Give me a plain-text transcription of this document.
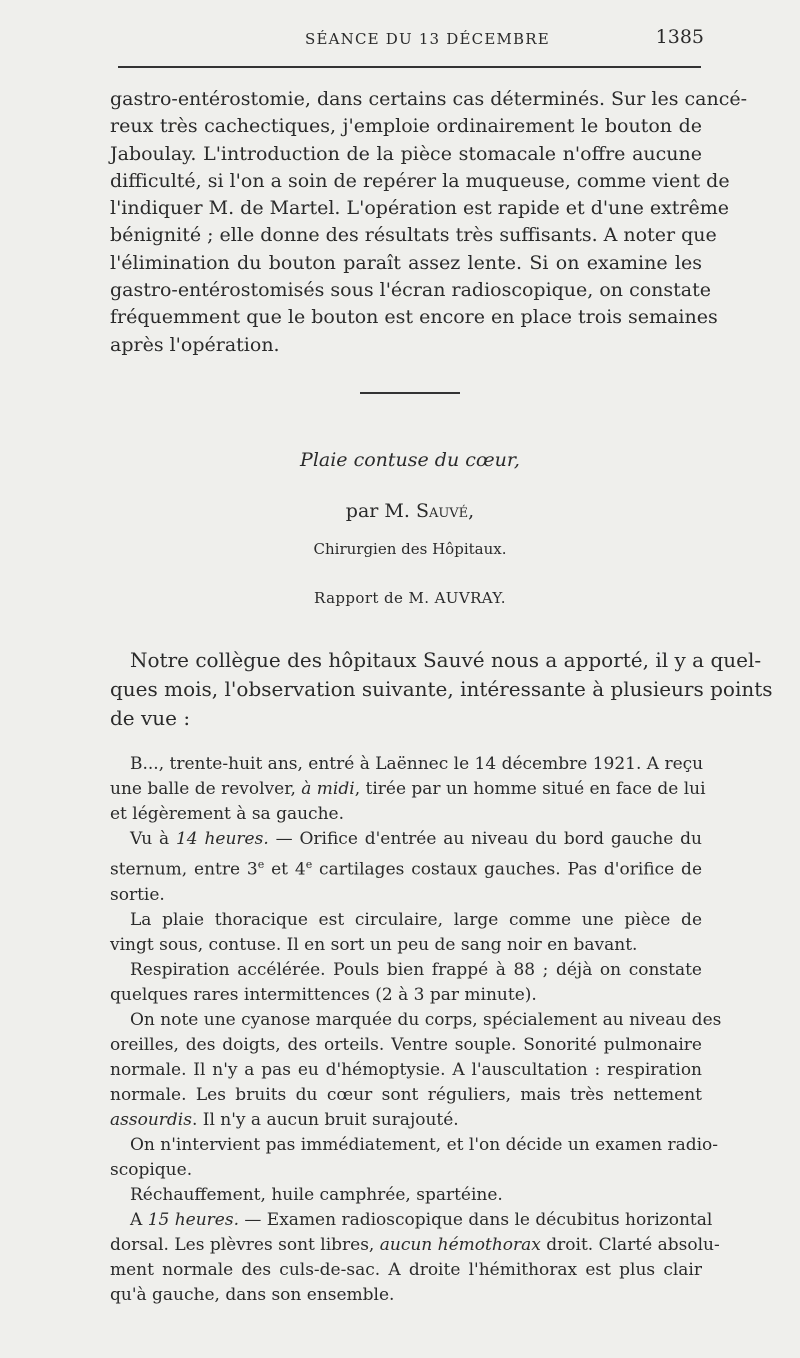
SÉANCE DU 13 DÉCEMBRE	1385
gastro-entérostomie, dans certains cas déterminés. Sur les cancé-
reux très cachectiques, j'emploie ordinairement le bouton de
Jaboulay. L'introduction de la pièce stomacale n'offre aucune
difficulté, si l'on a soin de repérer la muqueuse, comme vient de
l'indiquer M. de Martel. L'opération est rapide et d'une extrême
bénignité ; elle donne des résultats très suffisants. A noter que
l'élimination du bouton paraît assez lente. Si on examine les
gastro-entérostomisés sous l'écran radioscopique, on constate
fréquemment que le bouton est encore en place trois semaines
après l'opération.
Plaie contuse du cœur,
par M. Sauvé,
Chirurgien des Hôpitaux.
Rapport de M. AUVRAY.
Notre collègue des hôpitaux Sauvé nous a apporté, il y a quel-
ques mois, l'observation suivante, intéressante à plusieurs points
de vue :
B..., trente-huit ans, entré à Laënnec le 14 décembre 1921. A reçu
une balle de revolver, à midi, tirée par un homme situé en face de lui
et légèrement à sa gauche.
Vu à 14 heures. — Orifice d'entrée au niveau du bord gauche du
sternum, entre 3e et 4e cartilages costaux gauches. Pas d'orifice de
sortie.
La plaie thoracique est circulaire, large comme une pièce de
vingt sous, contuse. Il en sort un peu de sang noir en bavant.
Respiration accélérée. Pouls bien frappé à 88 ; déjà on constate
quelques rares intermittences (2 à 3 par minute).
On note une cyanose marquée du corps, spécialement au niveau des
oreilles, des doigts, des orteils. Ventre souple. Sonorité pulmonaire
normale. Il n'y a pas eu d'hémoptysie. A l'auscultation : respiration
normale. Les bruits du cœur sont réguliers, mais très nettement
assourdis. Il n'y a aucun bruit surajouté.
On n'intervient pas immédiatement, et l'on décide un examen radio-
scopique.
Réchauffement, huile camphrée, spartéine.
A 15 heures. — Examen radioscopique dans le décubitus horizontal
dorsal. Les plèvres sont libres, aucun hémothorax droit. Clarté absolu-
ment normale des culs-de-sac. A droite l'hémithorax est plus clair
qu'à gauche, dans son ensemble.
